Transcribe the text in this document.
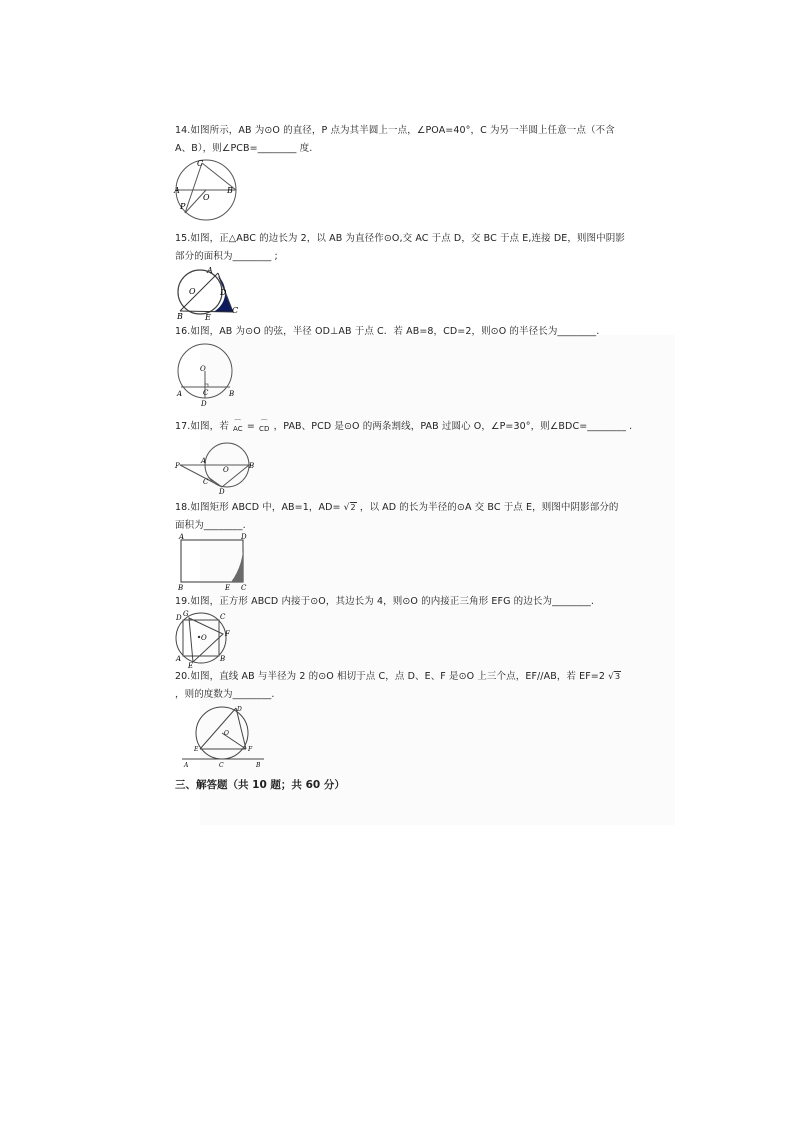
14.如图所示，AB 为⊙O 的直径，P 点为其半圆上一点，∠POA=40°，C 为另一半圆上任意一点（不含
A、B），则∠PCB=________ 度.
C
A	B
O
P
15.如图，正△ABC 的边长为 2，以 AB 为直径作⊙O,交 AC 于点 D，交 BC 于点 E,连接 DE，则图中阴影
部分的面积为________ ;
A
O	D
B	E
C
16.如图，AB 为⊙O 的弦，半径 OD⊥AB 于点 C．若 AB=8，CD=2，则⊙O 的半径长为________.
O
A	C	B
D
17.如图，若 ⌒
AC = ⌒
CD ，PAB、PCD 是⊙O 的两条割线，PAB 过圆心 O，∠P=30°，则∠BDC=________ .
P
A
O	B
C
D
18.如图矩形 ABCD 中，AB=1，AD= √2 ，以 AD 的长为半径的⊙A 交 BC 于点 E，则图中阴影部分的
面积为________.
A	D
B	E C
19.如图，正方形 ABCD 内接于⊙O，其边长为 4，则⊙O 的内接正三角形 EFG 的边长为________.
D G	C
O	F
A
E
B
20.如图，直线 AB 与半径为 2 的⊙O 相切于点 C，点 D、E、F 是⊙O 上三个点，EF//AB，若 EF=2 √3
，则的度数为________.
D
O
E	F
A	C	B
三、解答题（共 10 题；共 60 分）
